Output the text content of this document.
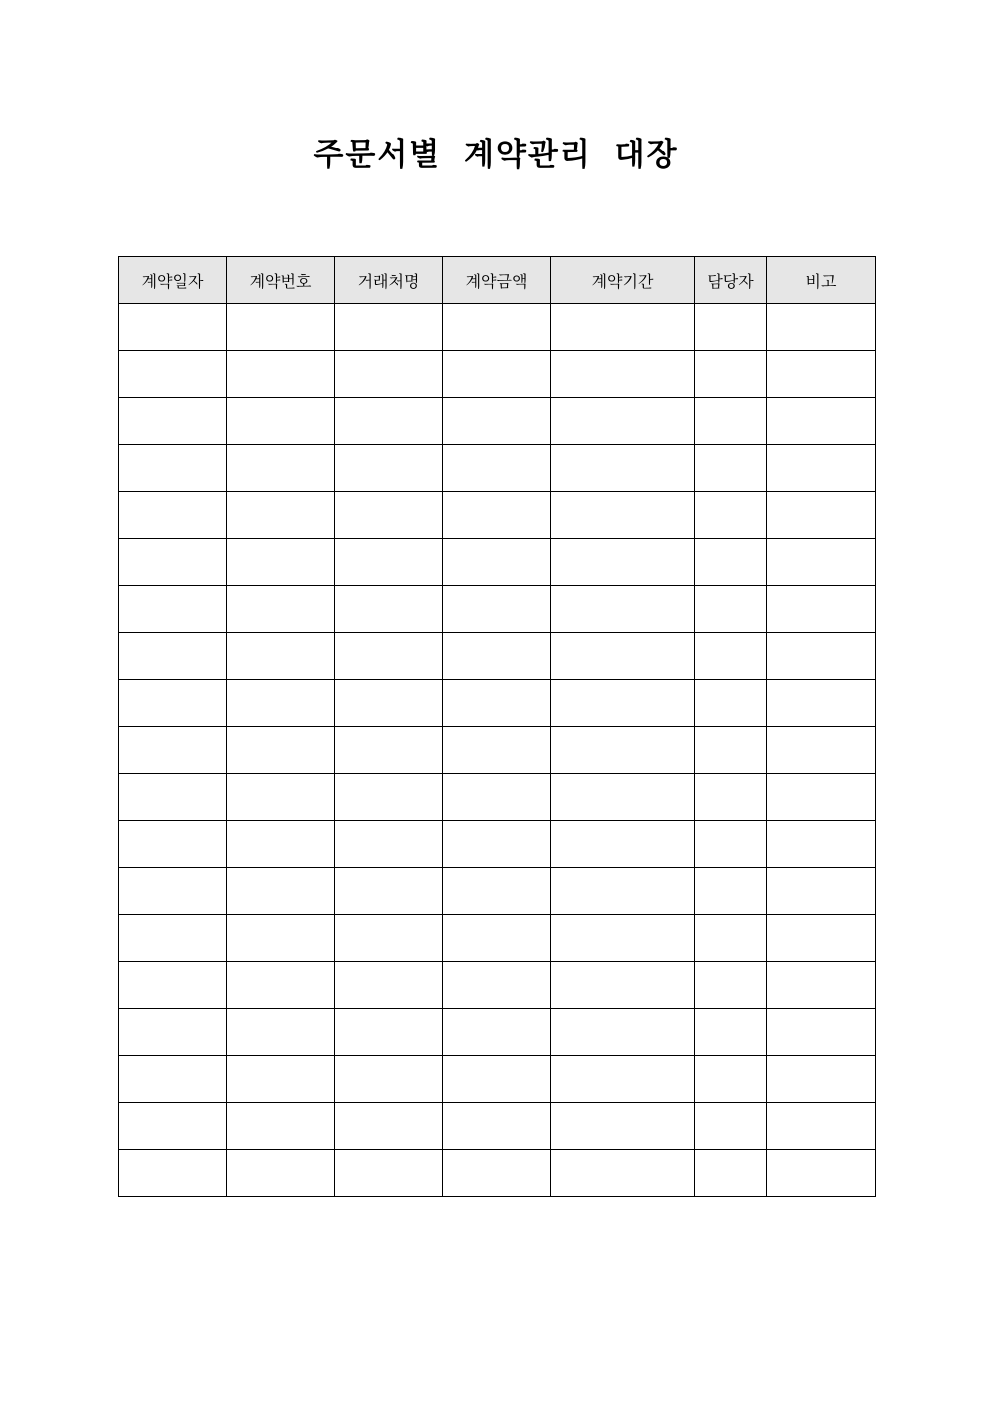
주문서별 계약관리 대장
계약일자	계약번호	거래처명	계약금액	계약기간	담당자	비고
